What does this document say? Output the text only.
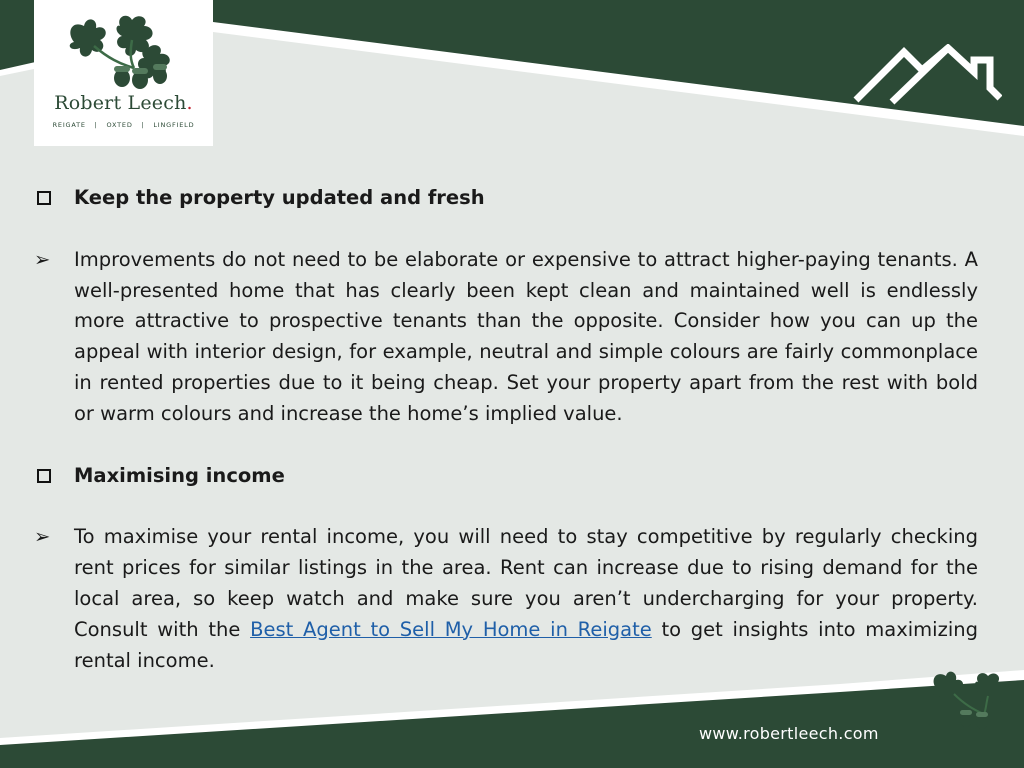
Robert Leech.
REIGATE | OXTED | LINGFIELD
Keep the property updated and fresh
➢	Improvements do not need to be elaborate or expensive to attract higher-paying tenants. A well-presented home that has clearly been kept clean and maintained well is endlessly more attractive to prospective tenants than the opposite. Consider how you can up the appeal with interior design, for example, neutral and simple colours are fairly commonplace in rented properties due to it being cheap. Set your property apart from the rest with bold or warm colours and increase the home’s implied value.
Maximising income
➢	To maximise your rental income, you will need to stay competitive by regularly checking rent prices for similar listings in the area. Rent can increase due to rising demand for the local area, so keep watch and make sure you aren’t undercharging for your property. Consult with the Best Agent to Sell My Home in Reigate to get insights into maximizing rental income.
www.robertleech.com
